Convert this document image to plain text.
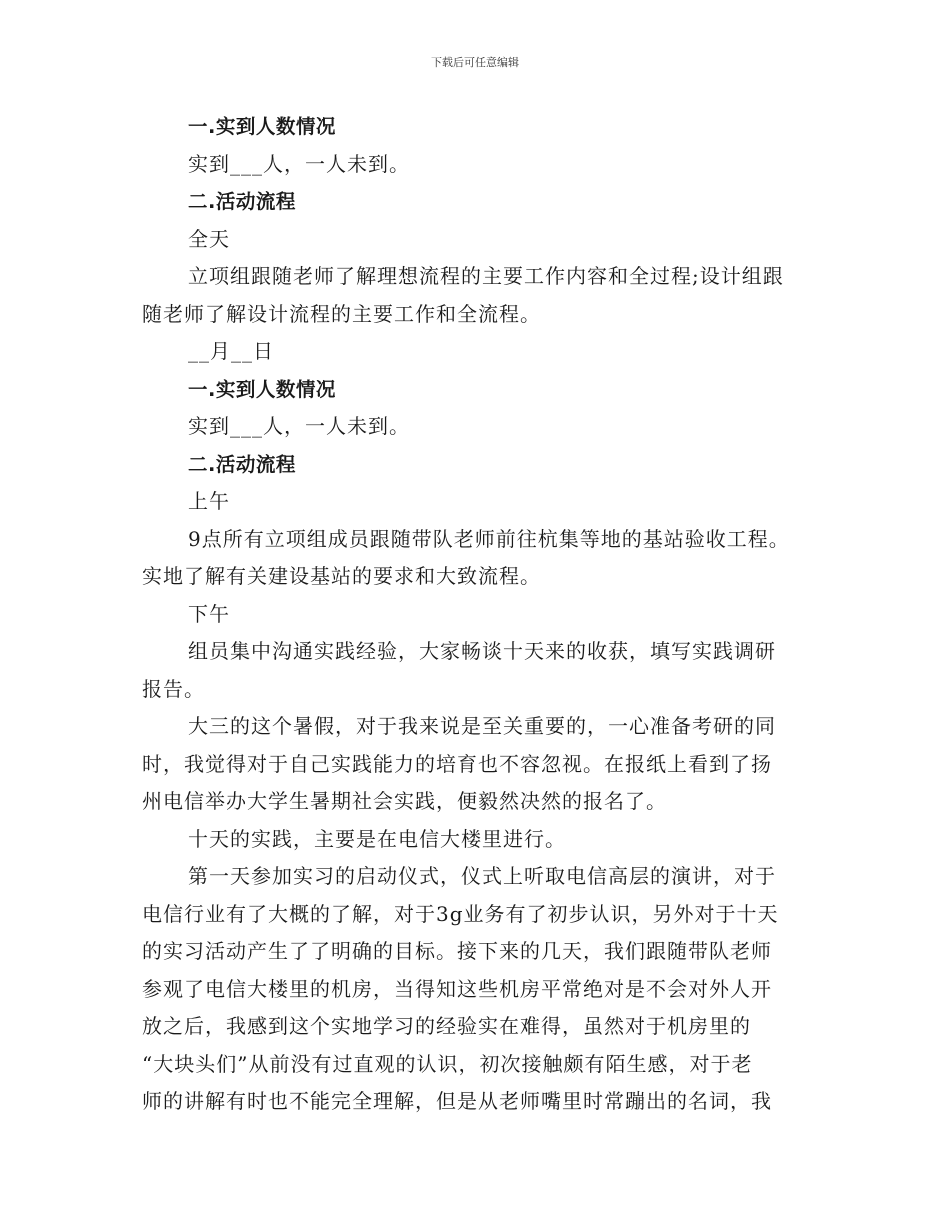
下载后可任意编辑
一.实到人数情况
实到___人，一人未到。
二.活动流程
全天
立项组跟随老师了解理想流程的主要工作内容和全过程;设计组跟
随老师了解设计流程的主要工作和全流程。
__月__日
一.实到人数情况
实到___人，一人未到。
二.活动流程
上午
9点所有立项组成员跟随带队老师前往杭集等地的基站验收工程。
实地了解有关建设基站的要求和大致流程。
下午
组员集中沟通实践经验，大家畅谈十天来的收获，填写实践调研
报告。
大三的这个暑假，对于我来说是至关重要的，一心准备考研的同
时，我觉得对于自己实践能力的培育也不容忽视。在报纸上看到了扬
州电信举办大学生暑期社会实践，便毅然决然的报名了。
十天的实践，主要是在电信大楼里进行。
第一天参加实习的启动仪式，仪式上听取电信高层的演讲，对于
电信行业有了大概的了解，对于3g业务有了初步认识，另外对于十天
的实习活动产生了了明确的目标。接下来的几天，我们跟随带队老师
参观了电信大楼里的机房，当得知这些机房平常绝对是不会对外人开
放之后，我感到这个实地学习的经验实在难得，虽然对于机房里的
“大块头们”从前没有过直观的认识，初次接触颇有陌生感，对于老
师的讲解有时也不能完全理解，但是从老师嘴里时常蹦出的名词，我
